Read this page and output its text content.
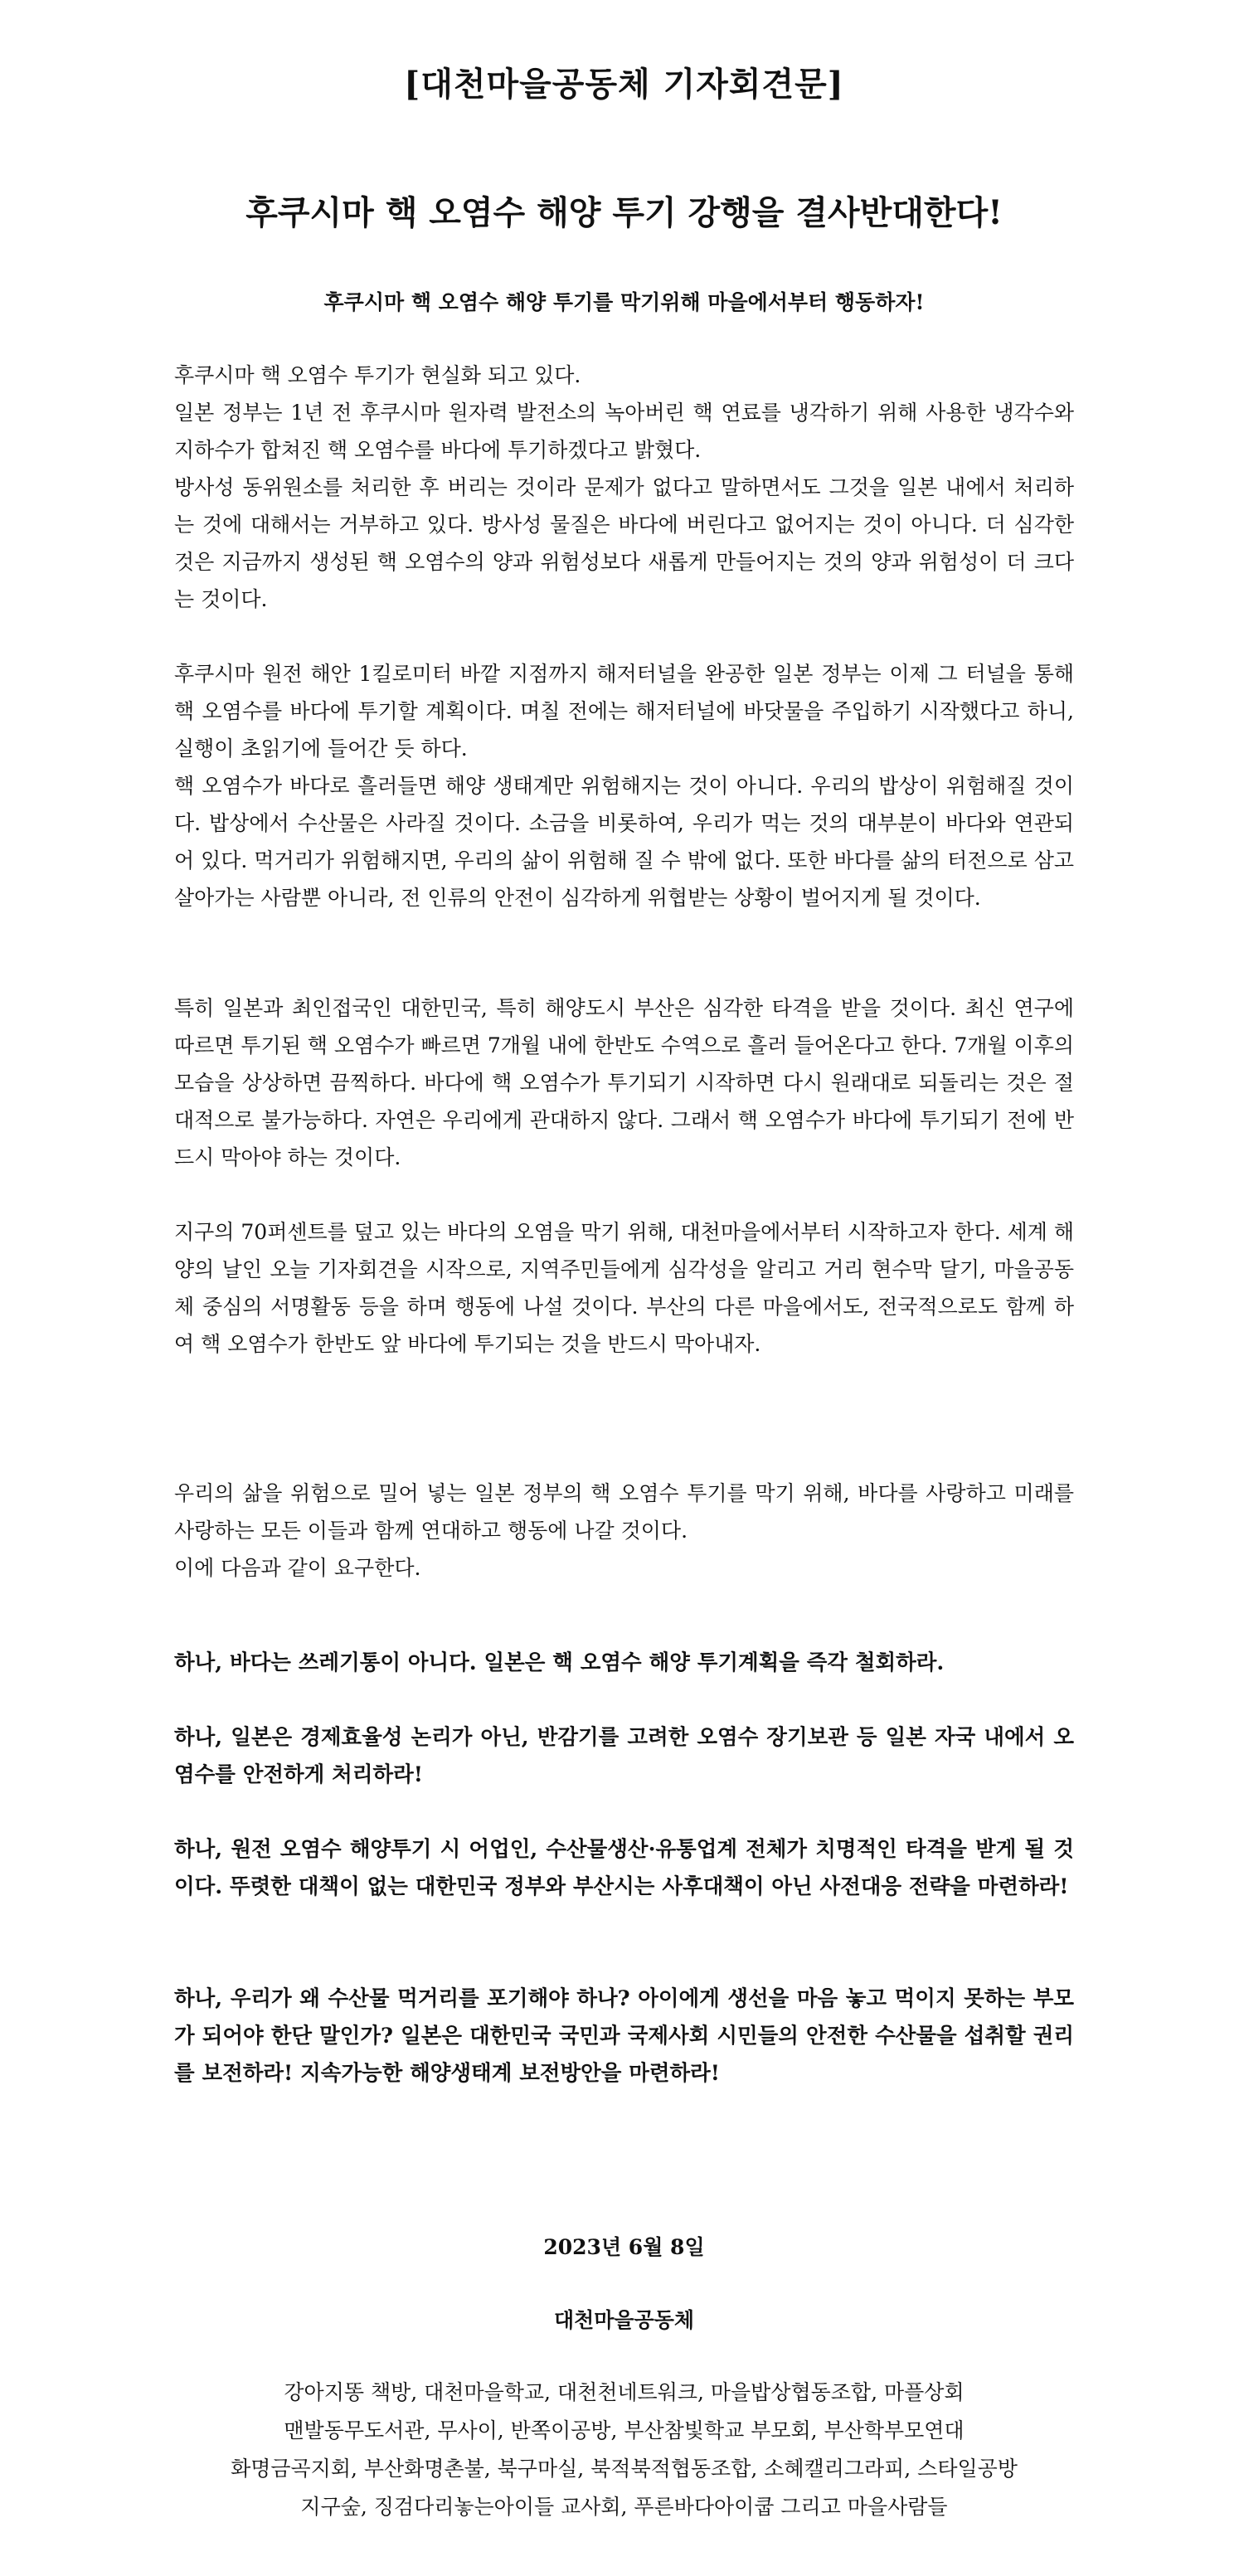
[대천마을공동체 기자회견문]
후쿠시마 핵 오염수 해양 투기 강행을 결사반대한다!
후쿠시마 핵 오염수 해양 투기를 막기위해 마을에서부터 행동하자!
후쿠시마 핵 오염수 투기가 현실화 되고 있다.
일본 정부는 1년 전 후쿠시마 원자력 발전소의 녹아버린 핵 연료를 냉각하기 위해 사용한 냉각수와 지하수가 합쳐진 핵 오염수를 바다에 투기하겠다고 밝혔다.
방사성 동위원소를 처리한 후 버리는 것이라 문제가 없다고 말하면서도 그것을 일본 내에서 처리하는 것에 대해서는 거부하고 있다. 방사성 물질은 바다에 버린다고 없어지는 것이 아니다. 더 심각한 것은 지금까지 생성된 핵 오염수의 양과 위험성보다 새롭게 만들어지는 것의 양과 위험성이 더 크다는 것이다.
후쿠시마 원전 해안 1킬로미터 바깥 지점까지 해저터널을 완공한 일본 정부는 이제 그 터널을 통해 핵 오염수를 바다에 투기할 계획이다. 며칠 전에는 해저터널에 바닷물을 주입하기 시작했다고 하니, 실행이 초읽기에 들어간 듯 하다.
핵 오염수가 바다로 흘러들면 해양 생태계만 위험해지는 것이 아니다. 우리의 밥상이 위험해질 것이다. 밥상에서 수산물은 사라질 것이다. 소금을 비롯하여, 우리가 먹는 것의 대부분이 바다와 연관되어 있다. 먹거리가 위험해지면, 우리의 삶이 위험해 질 수 밖에 없다. 또한 바다를 삶의 터전으로 삼고 살아가는 사람뿐 아니라, 전 인류의 안전이 심각하게 위협받는 상황이 벌어지게 될 것이다.
특히 일본과 최인접국인 대한민국, 특히 해양도시 부산은 심각한 타격을 받을 것이다. 최신 연구에 따르면 투기된 핵 오염수가 빠르면 7개월 내에 한반도 수역으로 흘러 들어온다고 한다. 7개월 이후의 모습을 상상하면 끔찍하다. 바다에 핵 오염수가 투기되기 시작하면 다시 원래대로 되돌리는 것은 절대적으로 불가능하다. 자연은 우리에게 관대하지 않다. 그래서 핵 오염수가 바다에 투기되기 전에 반드시 막아야 하는 것이다.
지구의 70퍼센트를 덮고 있는 바다의 오염을 막기 위해, 대천마을에서부터 시작하고자 한다. 세계 해양의 날인 오늘 기자회견을 시작으로, 지역주민들에게 심각성을 알리고 거리 현수막 달기, 마을공동체 중심의 서명활동 등을 하며 행동에 나설 것이다. 부산의 다른 마을에서도, 전국적으로도 함께 하여 핵 오염수가 한반도 앞 바다에 투기되는 것을 반드시 막아내자.
우리의 삶을 위험으로 밀어 넣는 일본 정부의 핵 오염수 투기를 막기 위해, 바다를 사랑하고 미래를 사랑하는 모든 이들과 함께 연대하고 행동에 나갈 것이다.
이에 다음과 같이 요구한다.
하나, 바다는 쓰레기통이 아니다. 일본은 핵 오염수 해양 투기계획을 즉각 철회하라.
하나, 일본은 경제효율성 논리가 아닌, 반감기를 고려한 오염수 장기보관 등 일본 자국 내에서 오염수를 안전하게 처리하라!
하나, 원전 오염수 해양투기 시 어업인, 수산물생산·유통업계 전체가 치명적인 타격을 받게 될 것이다. 뚜렷한 대책이 없는 대한민국 정부와 부산시는 사후대책이 아닌 사전대응 전략을 마련하라!
하나, 우리가 왜 수산물 먹거리를 포기해야 하나? 아이에게 생선을 마음 놓고 먹이지 못하는 부모가 되어야 한단 말인가? 일본은 대한민국 국민과 국제사회 시민들의 안전한 수산물을 섭취할 권리를 보전하라! 지속가능한 해양생태계 보전방안을 마련하라!
2023년 6월 8일
대천마을공동체
강아지똥 책방, 대천마을학교, 대천천네트워크, 마을밥상협동조합, 마플상회
맨발동무도서관, 무사이, 반쪽이공방, 부산참빛학교 부모회, 부산학부모연대
화명금곡지회, 부산화명촌불, 북구마실, 북적북적협동조합, 소혜캘리그라피, 스타일공방
지구숲, 징검다리놓는아이들 교사회, 푸른바다아이쿱 그리고 마을사람들
